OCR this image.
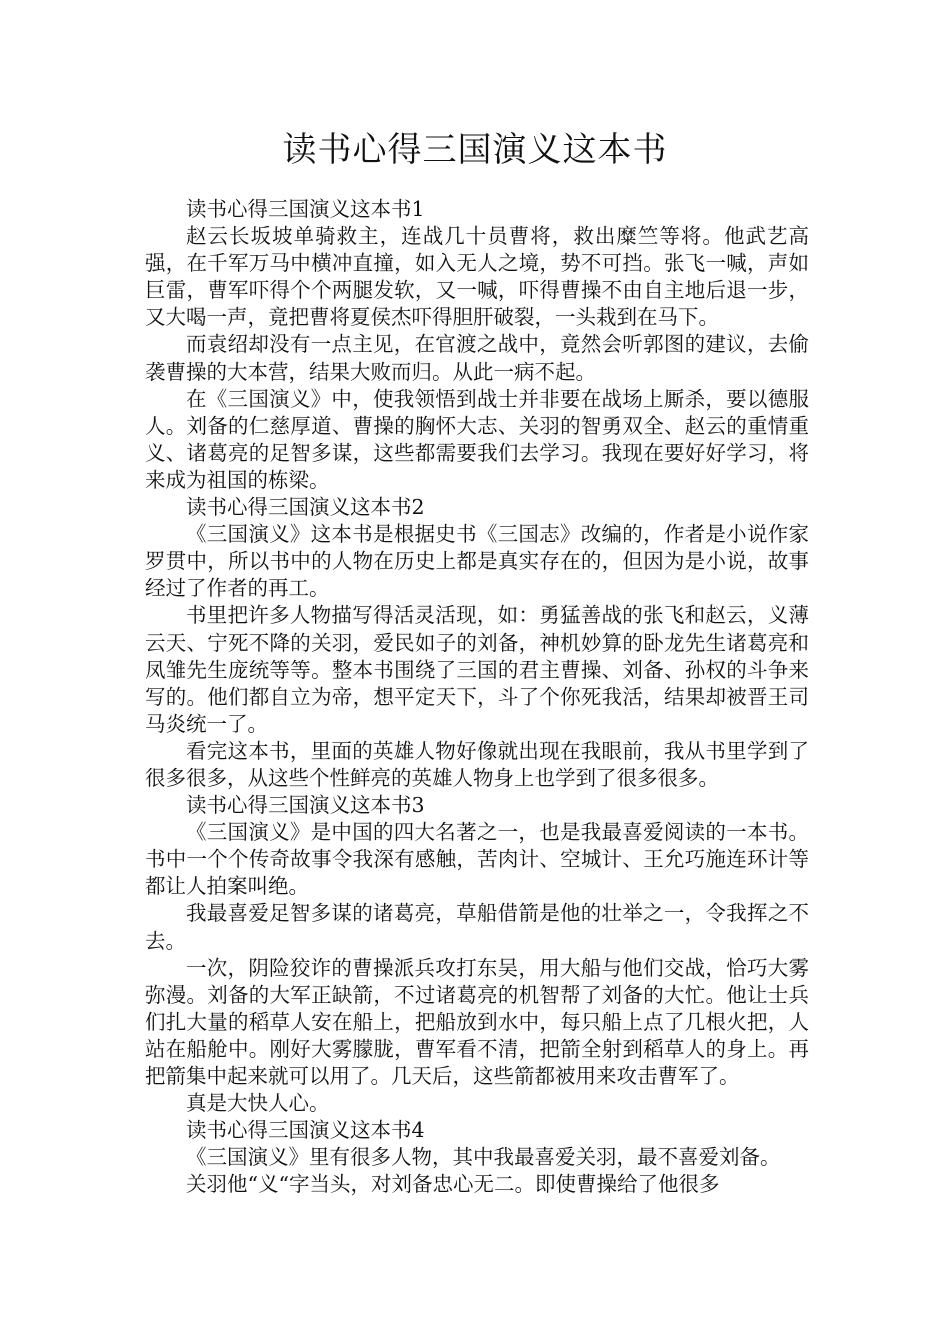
读书心得三国演义这本书

读书心得三国演义这本书1

赵云长坂坡单骑救主，连战几十员曹将，救出糜竺等将。他武艺高强，在千军万马中横冲直撞，如入无人之境，势不可挡。张飞一喊，声如巨雷，曹军吓得个个两腿发软，又一喊，吓得曹操不由自主地后退一步，又大喝一声，竟把曹将夏侯杰吓得胆肝破裂，一头栽到在马下。

而袁绍却没有一点主见，在官渡之战中，竟然会听郭图的建议，去偷袭曹操的大本营，结果大败而归。从此一病不起。

在《三国演义》中，使我领悟到战士并非要在战场上厮杀，要以德服人。刘备的仁慈厚道、曹操的胸怀大志、关羽的智勇双全、赵云的重情重义、诸葛亮的足智多谋，这些都需要我们去学习。我现在要好好学习，将来成为祖国的栋梁。

读书心得三国演义这本书2

《三国演义》这本书是根据史书《三国志》改编的，作者是小说作家罗贯中，所以书中的人物在历史上都是真实存在的，但因为是小说，故事经过了作者的再工。

书里把许多人物描写得活灵活现，如：勇猛善战的张飞和赵云，义薄云天、宁死不降的关羽，爱民如子的刘备，神机妙算的卧龙先生诸葛亮和凤雏先生庞统等等。整本书围绕了三国的君主曹操、刘备、孙权的斗争来写的。他们都自立为帝，想平定天下，斗了个你死我活，结果却被晋王司马炎统一了。

看完这本书，里面的英雄人物好像就出现在我眼前，我从书里学到了很多很多，从这些个性鲜亮的英雄人物身上也学到了很多很多。

读书心得三国演义这本书3

《三国演义》是中国的四大名著之一，也是我最喜爱阅读的一本书。书中一个个传奇故事令我深有感触，苦肉计、空城计、王允巧施连环计等都让人拍案叫绝。

我最喜爱足智多谋的诸葛亮，草船借箭是他的壮举之一，令我挥之不去。

一次，阴险狡诈的曹操派兵攻打东吴，用大船与他们交战，恰巧大雾弥漫。刘备的大军正缺箭，不过诸葛亮的机智帮了刘备的大忙。他让士兵们扎大量的稻草人安在船上，把船放到水中，每只船上点了几根火把，人站在船舱中。刚好大雾朦胧，曹军看不清，把箭全射到稻草人的身上。再把箭集中起来就可以用了。几天后，这些箭都被用来攻击曹军了。

真是大快人心。

读书心得三国演义这本书4

《三国演义》里有很多人物，其中我最喜爱关羽，最不喜爱刘备。

关羽他“义“字当头，对刘备忠心无二。即使曹操给了他很多
